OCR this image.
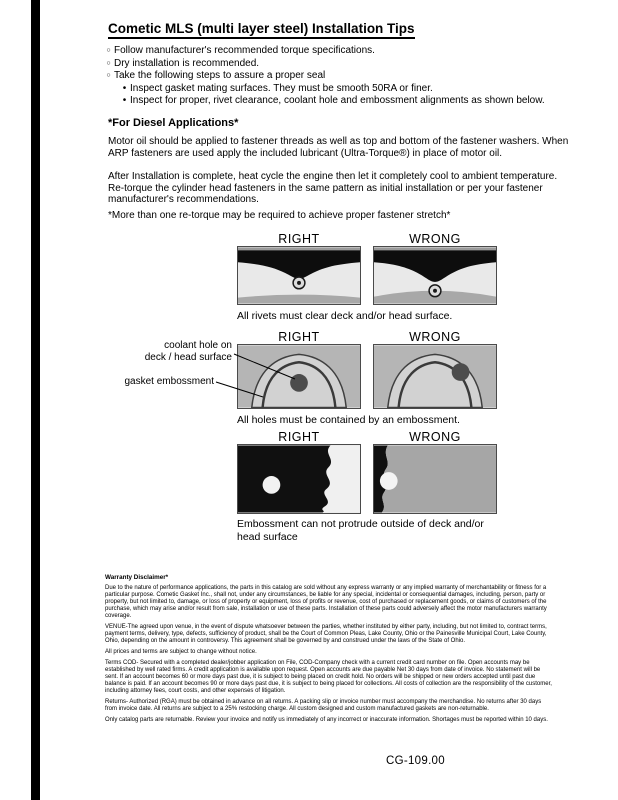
Cometic MLS (multi layer steel) Installation Tips
○ Follow manufacturer's recommended torque specifications.
○ Dry installation is recommended.
○ Take the following steps to assure a proper seal
• Inspect gasket mating surfaces. They must be smooth 50RA or finer.
• Inspect for proper, rivet clearance, coolant hole and embossment alignments as shown below.
*For Diesel Applications*

Motor oil should be applied to fastener threads as well as top and bottom of the fastener washers. When ARP fasteners are used apply the included lubricant (Ultra-Torque®) in place of motor oil.

After Installation is complete, heat cycle the engine then let it completely cool to ambient temperature. Re-torque the cylinder head fasteners in the same pattern as initial installation or per your fastener manufacturer's recommendations.

*More than one re-torque may be required to achieve proper fastener stretch*
RIGHT	WRONG
All rivets must clear deck and/or head surface.
RIGHT	WRONG
coolant hole on
deck / head surface
gasket embossment
All holes must be contained by an embossment.
RIGHT	WRONG
Embossment can not protrude outside of deck and/or head surface
Warranty Disclaimer*

Due to the nature of performance applications, the parts in this catalog are sold without any express warranty or any implied warranty of merchantability or fitness for a particular purpose. Cometic Gasket Inc., shall not, under any circumstances, be liable for any special, incidental or consequential damages, including, person, party or property, but not limited to, damage, or loss of property or equipment, loss of profits or revenue, cost of purchased or replacement goods, or claims of customers of the purchase, which may arise and/or result from sale, installation or use of these parts. Installation of these parts could adversely affect the motor manufacturers warranty coverage.

VENUE-The agreed upon venue, in the event of dispute whatsoever between the parties, whether instituted by either party, including, but not limited to, contract terms, payment terms, delivery, type, defects, sufficiency of product, shall be the Court of Common Pleas, Lake County, Ohio or the Painesville Municipal Court, Lake County, Ohio, depending on the amount in controversy. This agreement shall be governed by and construed under the laws of the State of Ohio.

All prices and terms are subject to change without notice.

Terms COD- Secured with a completed dealer/jobber application on File, COD-Company check with a current credit card number on file. Open accounts may be established by well rated firms. A credit application is available upon request. Open accounts are due payable Net 30 days from date of invoice. No statement will be sent. If an account becomes 60 or more days past due, it is subject to being placed on credit hold. No orders will be shipped or new orders accepted until past due balance is paid. If an account becomes 90 or more days past due, it is subject to being placed for collections. All costs of collection are the responsibility of the customer, including attorney fees, court costs, and other expenses of litigation.

Returns- Authorized (RGA) must be obtained in advance on all returns. A packing slip or invoice number must accompany the merchandise. No returns after 30 days from invoice date. All returns are subject to a 25% restocking charge. All custom designed and custom manufactured gaskets are non-returnable.

Only catalog parts are returnable. Review your invoice and notify us immediately of any incorrect or inaccurate information. Shortages must be reported within 10 days.

CG-109.00
